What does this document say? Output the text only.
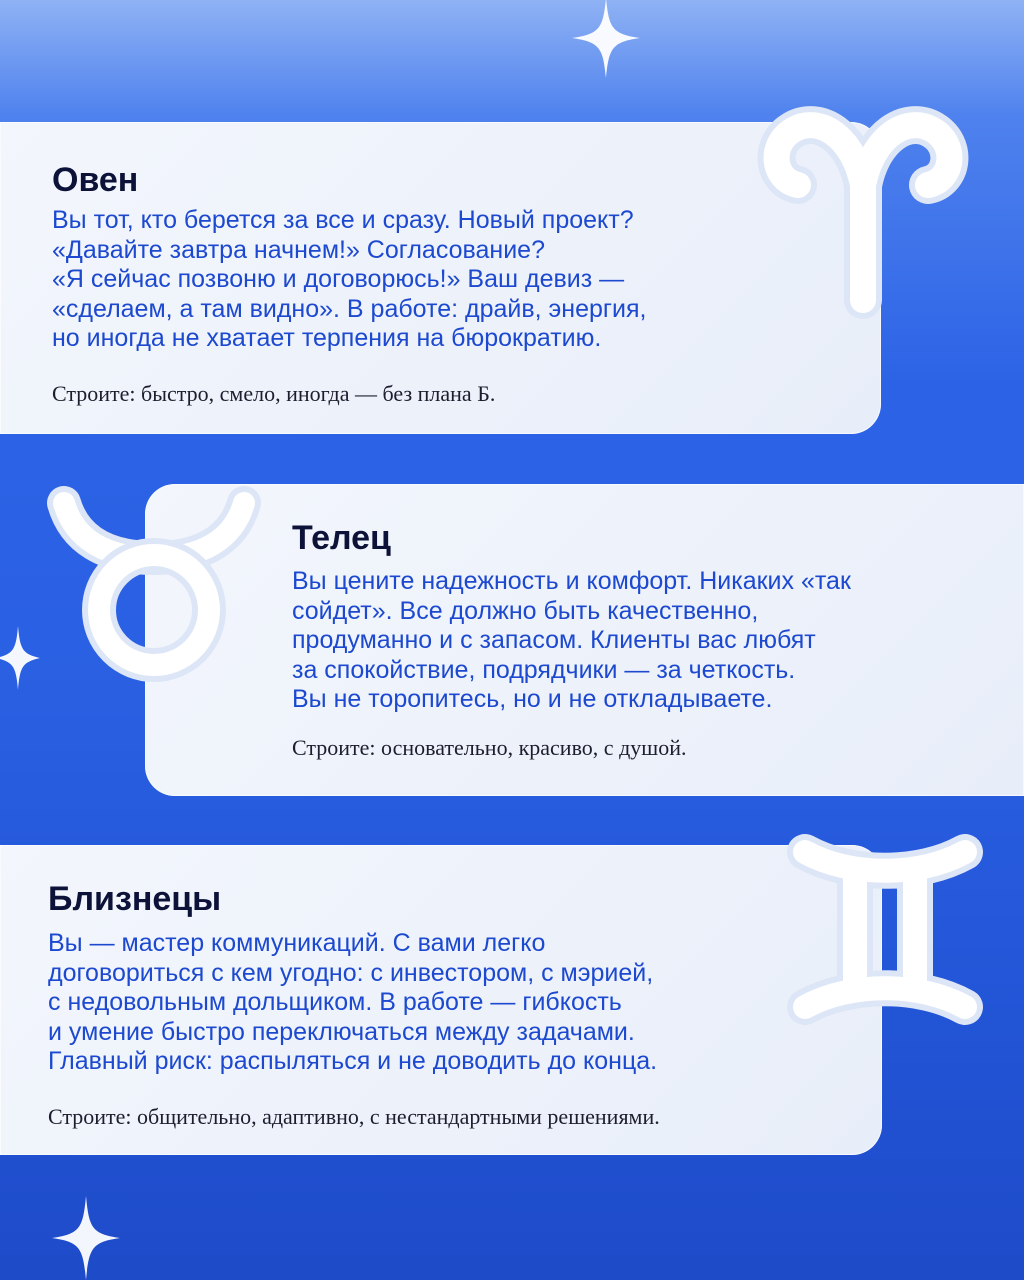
Овен
Вы тот, кто берется за все и сразу. Новый проект?
«Давайте завтра начнем!» Согласование?
«Я сейчас позвоню и договорюсь!» Ваш девиз —
«сделаем, а там видно». В работе: драйв, энергия,
но иногда не хватает терпения на бюрократию.

Строите: быстро, смело, иногда — без плана Б.

Телец
Вы цените надежность и комфорт. Никаких «так
сойдет». Все должно быть качественно,
продуманно и с запасом. Клиенты вас любят
за спокойствие, подрядчики — за четкость.
Вы не торопитесь, но и не откладываете.

Строите: основательно, красиво, с душой.

Близнецы
Вы — мастер коммуникаций. С вами легко
договориться с кем угодно: с инвестором, с мэрией,
с недовольным дольщиком. В работе — гибкость
и умение быстро переключаться между задачами.
Главный риск: распыляться и не доводить до конца.

Строите: общительно, адаптивно, с нестандартными решениями.
